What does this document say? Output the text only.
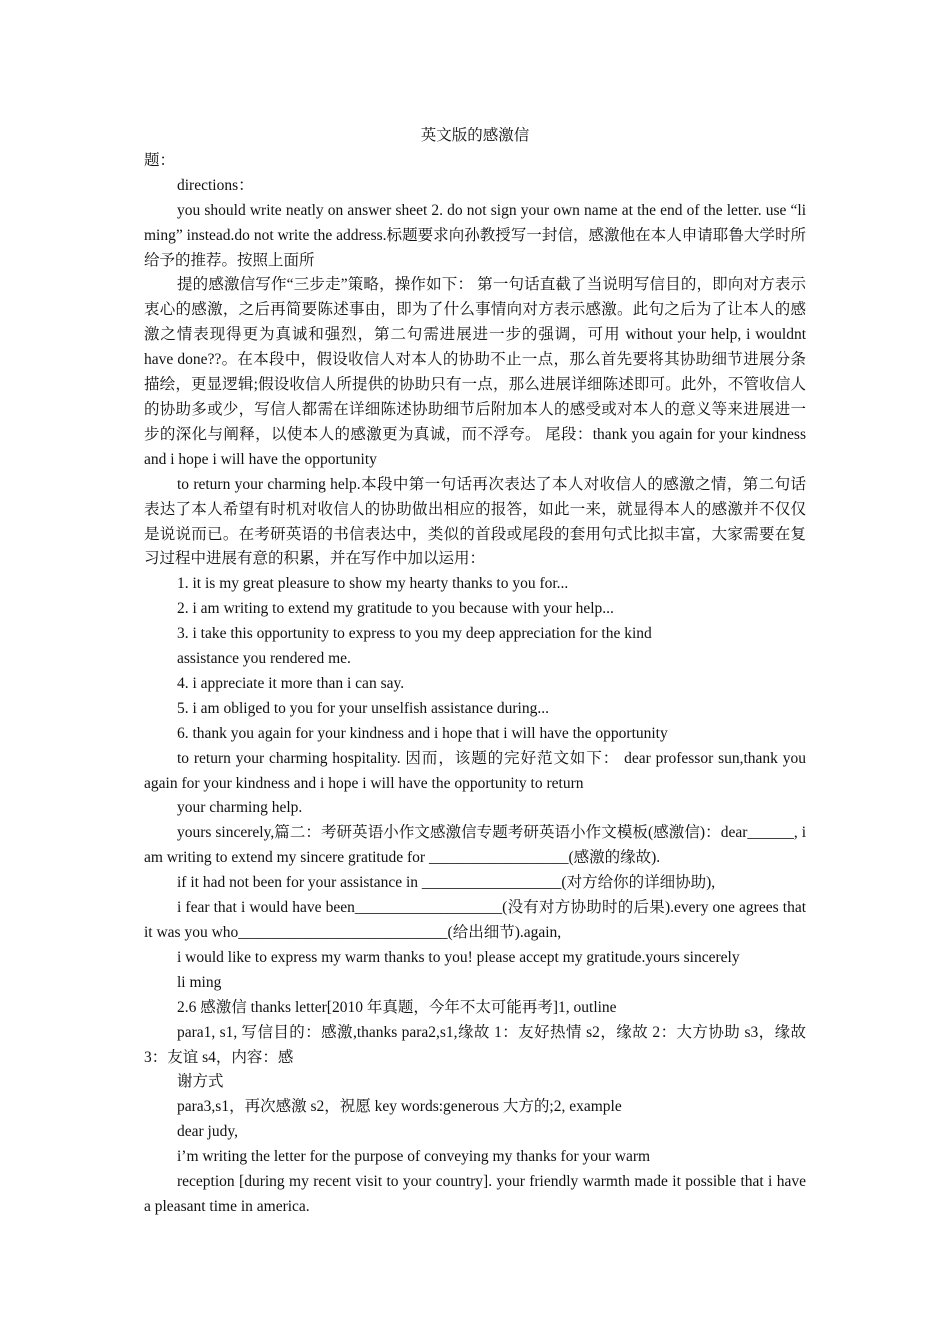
英文版的感激信

题：

directions：

you should write neatly on answer sheet 2. do not sign your own name at the end of the letter. use “li ming” instead.do not write the address.标题要求向孙教授写一封信，感激他在本人申请耶鲁大学时所给予的推荐。按照上面所

提的感激信写作“三步走”策略，操作如下： 第一句话直截了当说明写信目的，即向对方表示衷心的感激，之后再简要陈述事由，即为了什么事情向对方表示感激。此句之后为了让本人的感激之情表现得更为真诚和强烈，第二句需进展进一步的强调，可用 without your help, i wouldnt have done??。在本段中，假设收信人对本人的协助不止一点，那么首先要将其协助细节进展分条描绘，更显逻辑;假设收信人所提供的协助只有一点，那么进展详细陈述即可。此外，不管收信人的协助多或少，写信人都需在详细陈述协助细节后附加本人的感受或对本人的意义等来进展进一步的深化与阐释，以使本人的感激更为真诚，而不浮夸。 尾段：thank you again for your kindness and i hope i will have the opportunity

to return your charming help.本段中第一句话再次表达了本人对收信人的感激之情，第二句话表达了本人希望有时机对收信人的协助做出相应的报答，如此一来，就显得本人的感激并不仅仅是说说而已。在考研英语的书信表达中，类似的首段或尾段的套用句式比拟丰富，大家需要在复习过程中进展有意的积累，并在写作中加以运用：

1. it is my great pleasure to show my hearty thanks to you for...

2. i am writing to extend my gratitude to you because with your help...

3. i take this opportunity to express to you my deep appreciation for the kind

assistance you rendered me.

4. i appreciate it more than i can say.

5. i am obliged to you for your unselfish assistance during...

6. thank you again for your kindness and i hope that i will have the opportunity

to return your charming hospitality. 因而，该题的完好范文如下： dear professor sun,thank you again for your kindness and i hope i will have the opportunity to return

your charming help.

yours sincerely,篇二：考研英语小作文感激信专题考研英语小作文模板(感激信)：dear______, i am writing to extend my sincere gratitude for __________________(感激的缘故).

if it had not been for your assistance in __________________(对方给你的详细协助),

i fear that i would have been___________________(没有对方协助时的后果).every one agrees that it was you who___________________________(给出细节).again,

i would like to express my warm thanks to you! please accept my gratitude.yours sincerely

li ming

2.6 感激信 thanks letter[2010 年真题，今年不太可能再考]1, outline

para1, s1, 写信目的：感激,thanks para2,s1,缘故 1：友好热情 s2，缘故 2：大方协助 s3，缘故 3：友谊 s4，内容：感

谢方式

para3,s1，再次感激 s2，祝愿 key words:generous 大方的;2, example

dear judy,

i’m writing the letter for the purpose of conveying my thanks for your warm

reception [during my recent visit to your country]. your friendly warmth made it possible that i have a pleasant time in america.
